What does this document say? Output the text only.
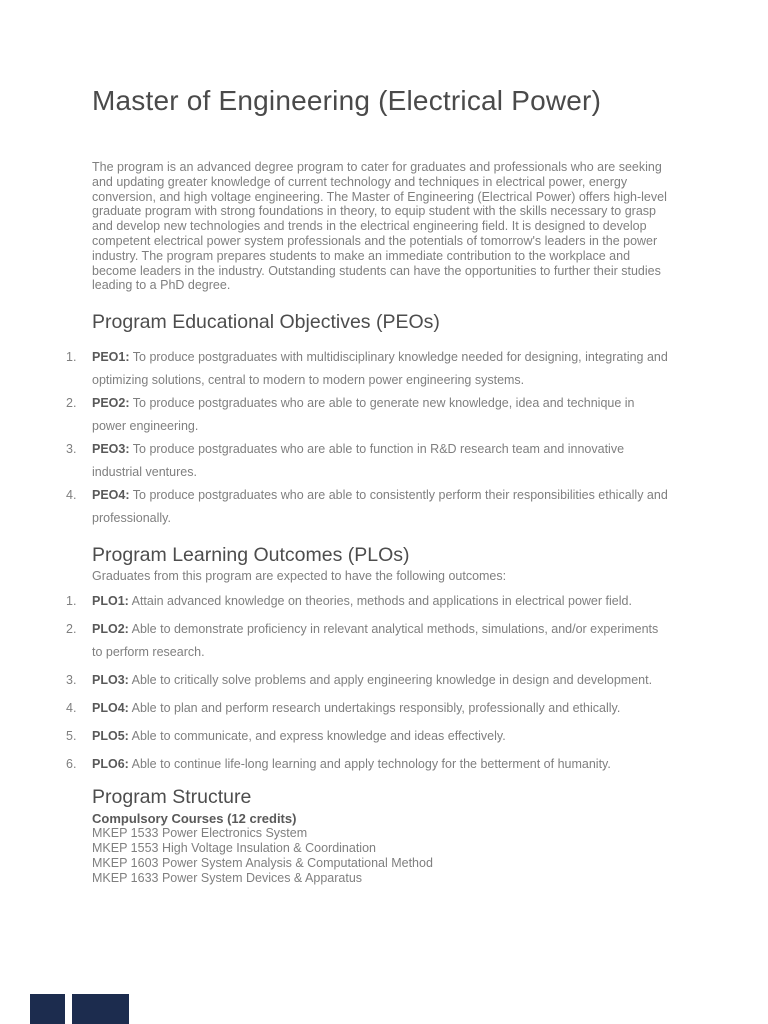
Master of Engineering (Electrical Power)

The program is an advanced degree program to cater for graduates and professionals who are seeking and updating greater knowledge of current technology and techniques in electrical power, energy conversion, and high voltage engineering. The Master of Engineering (Electrical Power) offers high-level graduate program with strong foundations in theory, to equip student with the skills necessary to grasp and develop new technologies and trends in the electrical engineering field. It is designed to develop competent electrical power system professionals and the potentials of tomorrow's leaders in the power industry. The program prepares students to make an immediate contribution to the workplace and become leaders in the industry. Outstanding students can have the opportunities to further their studies leading to a PhD degree.

Program Educational Objectives (PEOs)
1.	PEO1: To produce postgraduates with multidisciplinary knowledge needed for designing, integrating and optimizing solutions, central to modern to modern power engineering systems.
2.	PEO2: To produce postgraduates who are able to generate new knowledge, idea and technique in power engineering.
3.	PEO3: To produce postgraduates who are able to function in R&D research team and innovative industrial ventures.
4.	PEO4: To produce postgraduates who are able to consistently perform their responsibilities ethically and professionally.
Program Learning Outcomes (PLOs)

Graduates from this program are expected to have the following outcomes:

1.	PLO1: Attain advanced knowledge on theories, methods and applications in electrical power field.
2.	PLO2: Able to demonstrate proficiency in relevant analytical methods, simulations, and/or experiments to perform research.
3.	PLO3: Able to critically solve problems and apply engineering knowledge in design and development.
4.	PLO4: Able to plan and perform research undertakings responsibly, professionally and ethically.
5.	PLO5: Able to communicate, and express knowledge and ideas effectively.
6.	PLO6: Able to continue life-long learning and apply technology for the betterment of humanity.
Program Structure

Compulsory Courses (12 credits)

MKEP 1533 Power Electronics System
MKEP 1553 High Voltage Insulation & Coordination
MKEP 1603 Power System Analysis & Computational Method
MKEP 1633 Power System Devices & Apparatus
